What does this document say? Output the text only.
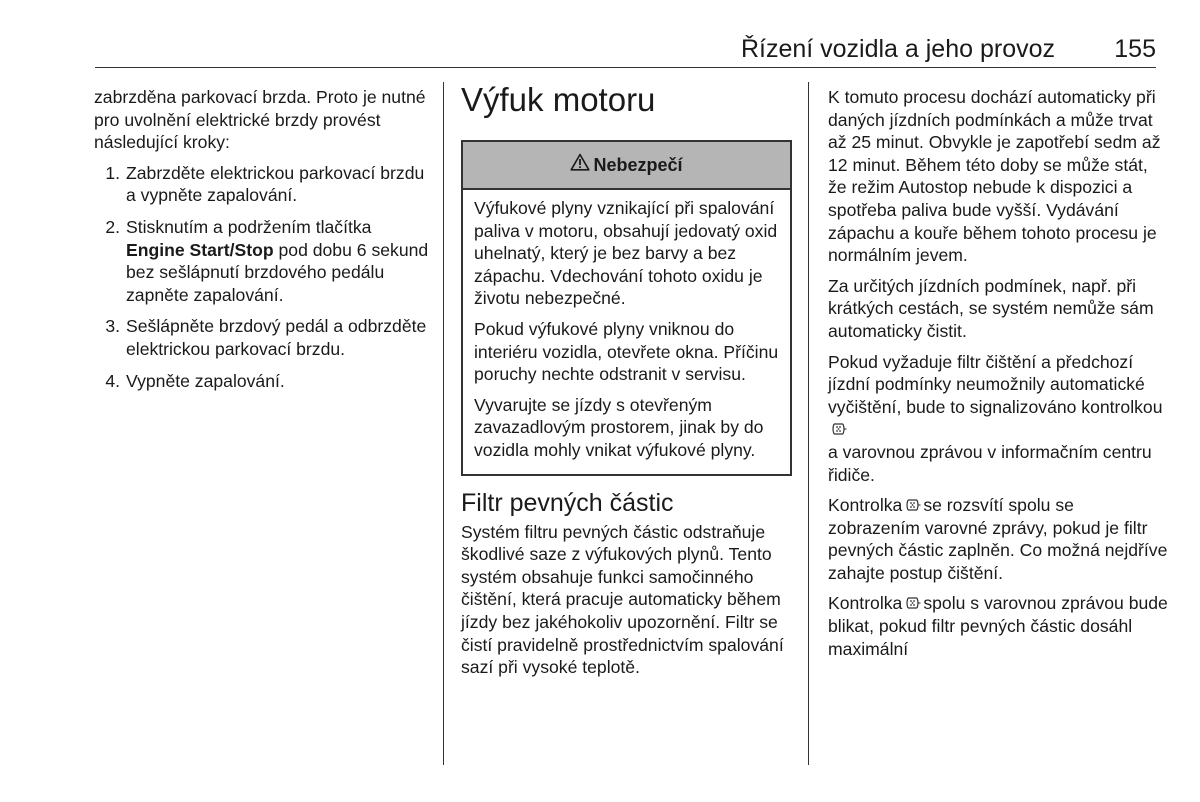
Řízení vozidla a jeho provoz 155

zabrzděna parkovací brzda. Proto je nutné pro uvolnění elektrické brzdy provést následující kroky:

1. Zabrzděte elektrickou parkovací brzdu a vypněte zapalování.
2. Stisknutím a podržením tlačítka
Engine Start/Stop pod dobu 6 sekund bez sešlápnutí brzdového pedálu zapněte zapalování.
3. Sešlápněte brzdový pedál a odbrzděte elektrickou parkovací brzdu.
4. Vypněte zapalování.
Výfuk motoru
Nebezpečí

Výfukové plyny vznikající při spalování paliva v motoru, obsahují jedovatý oxid uhelnatý, který je bez barvy a bez zápachu. Vdechování tohoto oxidu je životu nebezpečné.

Pokud výfukové plyny vniknou do interiéru vozidla, otevřete okna. Příčinu poruchy nechte odstranit v servisu.

Vyvarujte se jízdy s otevřeným zavazadlovým prostorem, jinak by do vozidla mohly vnikat výfukové plyny.

Filtr pevných částic

Systém filtru pevných částic odstraňuje škodlivé saze z výfukových plynů. Tento systém obsahuje funkci samočinného čištění, která pracuje automaticky během jízdy bez jakéhokoliv upozornění. Filtr se čistí pravidelně prostřednictvím spalování sazí při vysoké teplotě.

K tomuto procesu dochází automaticky při daných jízdních podmínkách a může trvat až 25 minut. Obvykle je zapotřebí sedm až 12 minut. Během této doby se může stát, že režim Autostop nebude k dispozici a spotřeba paliva bude vyšší. Vydávání zápachu a kouře během tohoto procesu je normálním jevem.

Za určitých jízdních podmínek, např. při krátkých cestách, se systém nemůže sám automaticky čistit.

Pokud vyžaduje filtr čištění a předchozí jízdní podmínky neumožnily automatické vyčištění, bude to signalizováno kontrolkou
a varovnou zprávou v informačním centru řidiče.

Kontrolka se rozsvítí spolu se zobrazením varovné zprávy, pokud je filtr pevných částic zaplněn. Co možná nejdříve zahajte postup čištění.

Kontrolka spolu s varovnou zprávou bude blikat, pokud filtr pevných částic dosáhl maximální
